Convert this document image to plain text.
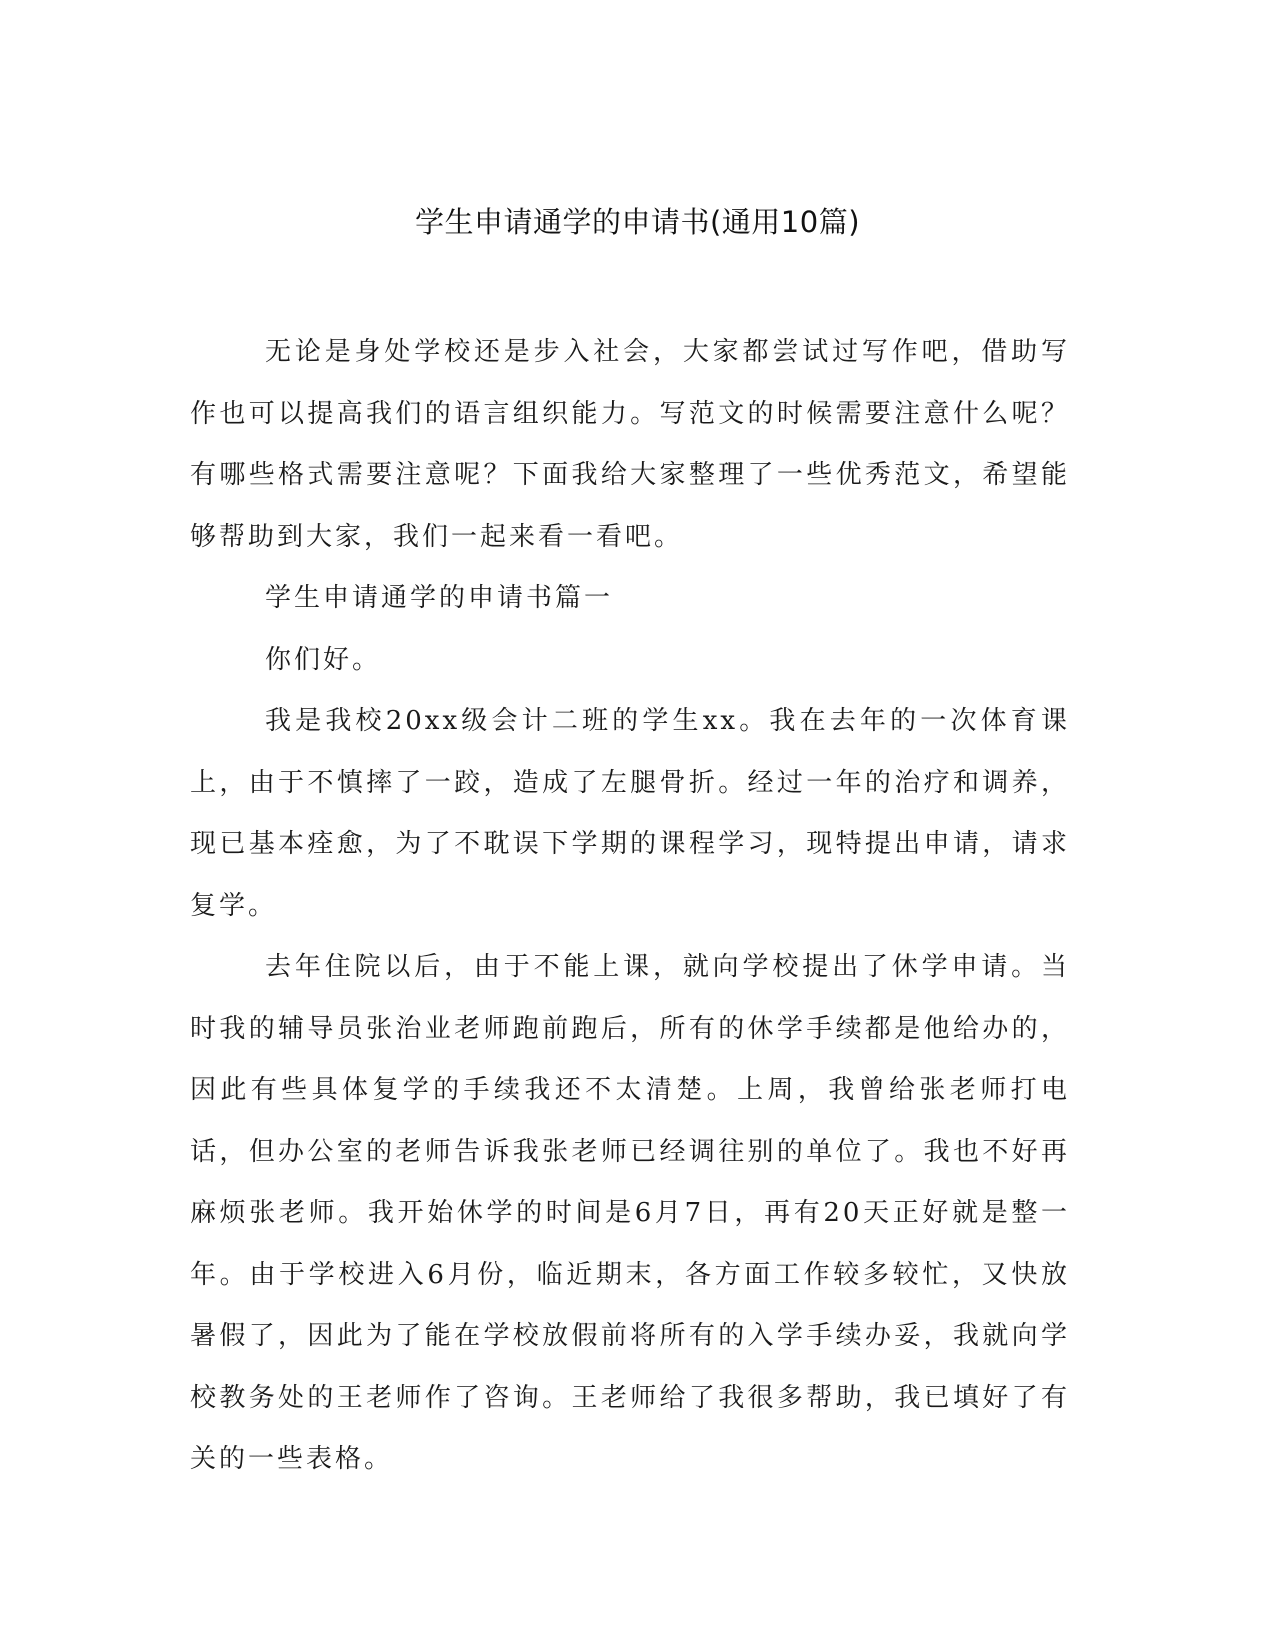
学生申请通学的申请书(通用10篇)

无论是身处学校还是步入社会，大家都尝试过写作吧，借助写作也可以提高我们的语言组织能力。写范文的时候需要注意什么呢？有哪些格式需要注意呢？下面我给大家整理了一些优秀范文，希望能够帮助到大家，我们一起来看一看吧。

学生申请通学的申请书篇一

你们好。

我是我校20xx级会计二班的学生xx。我在去年的一次体育课上，由于不慎摔了一跤，造成了左腿骨折。经过一年的治疗和调养，现已基本痊愈，为了不耽误下学期的课程学习，现特提出申请，请求复学。

去年住院以后，由于不能上课，就向学校提出了休学申请。当时我的辅导员张治业老师跑前跑后，所有的休学手续都是他给办的，因此有些具体复学的手续我还不太清楚。上周，我曾给张老师打电话，但办公室的老师告诉我张老师已经调往别的单位了。我也不好再麻烦张老师。我开始休学的时间是6月7日，再有20天正好就是整一年。由于学校进入6月份，临近期末，各方面工作较多较忙，又快放暑假了，因此为了能在学校放假前将所有的入学手续办妥，我就向学校教务处的王老师作了咨询。王老师给了我很多帮助，我已填好了有关的一些表格。
